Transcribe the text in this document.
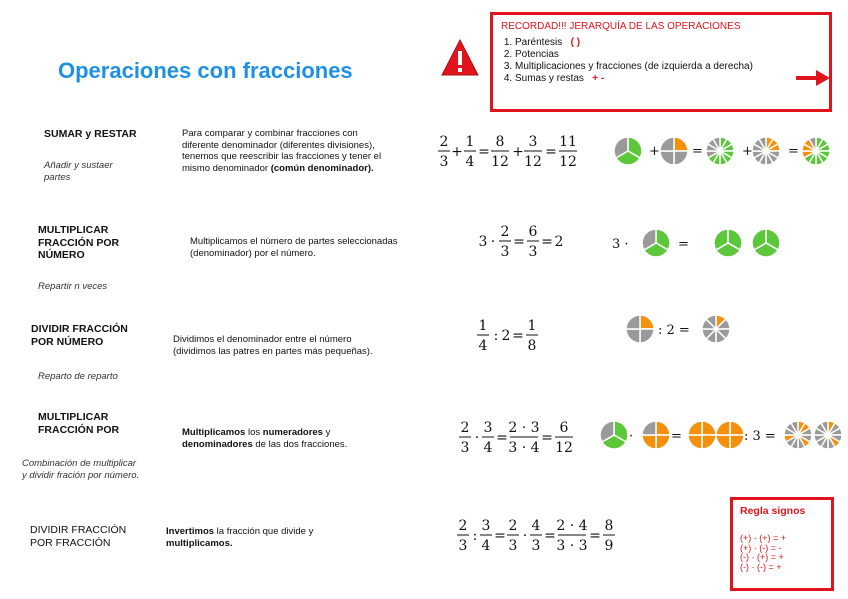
Operaciones con fracciones
RECORDAD!!! JERARQUÍA DE LAS OPERACIONES
1. Paréntesis ( )
2. Potencias
3. Multiplicaciones y fracciones (de izquierda a derecha)
4. Sumas y restas + -
SUMAR y RESTAR
Añadir y sustaer
partes
Para comparar y combinar fracciones con
diferente denominador (diferentes divisiones),
tenemos que reescribir las fracciones y tener el
mismo denominador (común denominador).
2
3
+
1
4
=
8
12
+
3
12
=
11
12
+ =	+	=
MULTIPLICAR
FRACCIÓN POR
NÚMERO
Repartir n veces
Multiplicamos el número de partes seleccionadas
(denominador) por el número.
3 ·
2
3
=
6
3
= 2	3 ·	=
DIVIDIR FRACCIÓN
POR NÚMERO
Reparto de reparto
Dividimos el denominador entre el número
(dividimos las patres en partes más pequeñas).
1
4
: 2 =
1
8
: 2 =
MULTIPLICAR
FRACCIÓN POR
Combinación de multiplicar
y dividir fración por número.
Multiplicamos los numeradores y
denominadores de las dos fracciones.
2
3
·
3
4
=
2 · 3
3 · 4
=
6
12
·	=	: 3 =
DIVIDIR FRACCIÓN
POR FRACCIÓN
Invertimos la fracción que divide y
multiplicamos.
2
3
:
3
4
=
2
3
·
4
3
=
2 · 4
3 · 3
=
8
9
Regla signos
(+) · (+) = +
(+) · (-) = -
(-) · (+) = +
(-) · (-) = +
